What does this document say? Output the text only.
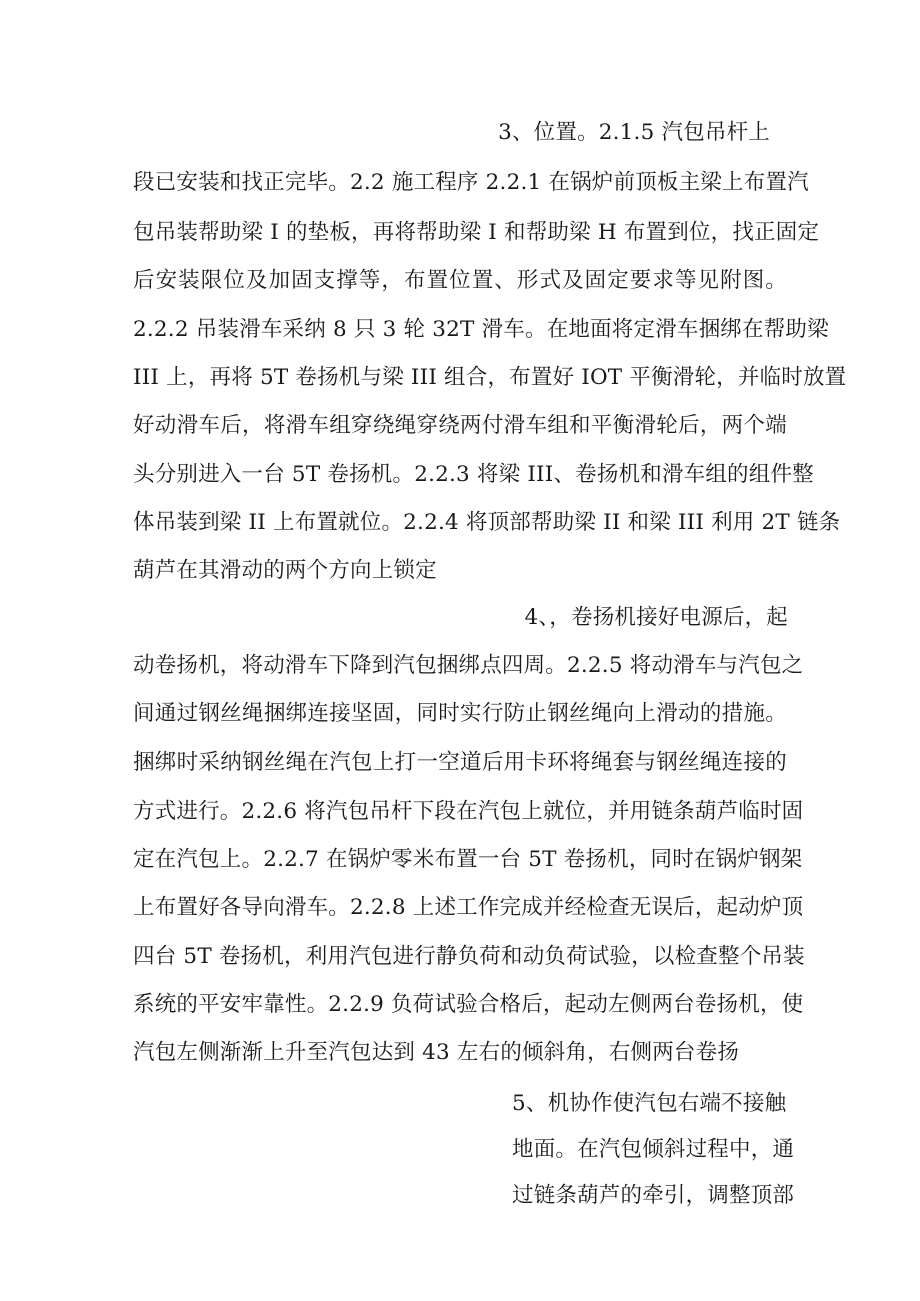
3、位置。2.1.5 汽包吊杆上
段已安装和找正完毕。2.2 施工程序 2.2.1 在锅炉前顶板主梁上布置汽
包吊装帮助梁 I 的垫板，再将帮助梁 I 和帮助梁 H 布置到位，找正固定
后安装限位及加固支撑等，布置位置、形式及固定要求等见附图。
2.2.2 吊装滑车采纳 8 只 3 轮 32T 滑车。在地面将定滑车捆绑在帮助梁
III 上，再将 5T 卷扬机与梁 III 组合，布置好 IOT 平衡滑轮，并临时放置
好动滑车后，将滑车组穿绕绳穿绕两付滑车组和平衡滑轮后，两个端
头分别进入一台 5T 卷扬机。2.2.3 将梁 III、卷扬机和滑车组的组件整
体吊装到梁 II 上布置就位。2.2.4 将顶部帮助梁 II 和梁 III 利用 2T 链条
葫芦在其滑动的两个方向上锁定
4、，卷扬机接好电源后，起
动卷扬机，将动滑车下降到汽包捆绑点四周。2.2.5 将动滑车与汽包之
间通过钢丝绳捆绑连接坚固，同时实行防止钢丝绳向上滑动的措施。
捆绑时采纳钢丝绳在汽包上打一空道后用卡环将绳套与钢丝绳连接的
方式进行。2.2.6 将汽包吊杆下段在汽包上就位，并用链条葫芦临时固
定在汽包上。2.2.7 在锅炉零米布置一台 5T 卷扬机，同时在锅炉钢架
上布置好各导向滑车。2.2.8 上述工作完成并经检查无误后，起动炉顶
四台 5T 卷扬机，利用汽包进行静负荷和动负荷试验，以检查整个吊装
系统的平安牢靠性。2.2.9 负荷试验合格后，起动左侧两台卷扬机，使
汽包左侧渐渐上升至汽包达到 43 左右的倾斜角，右侧两台卷扬
5、机协作使汽包右端不接触
地面。在汽包倾斜过程中，通
过链条葫芦的牵引，调整顶部
